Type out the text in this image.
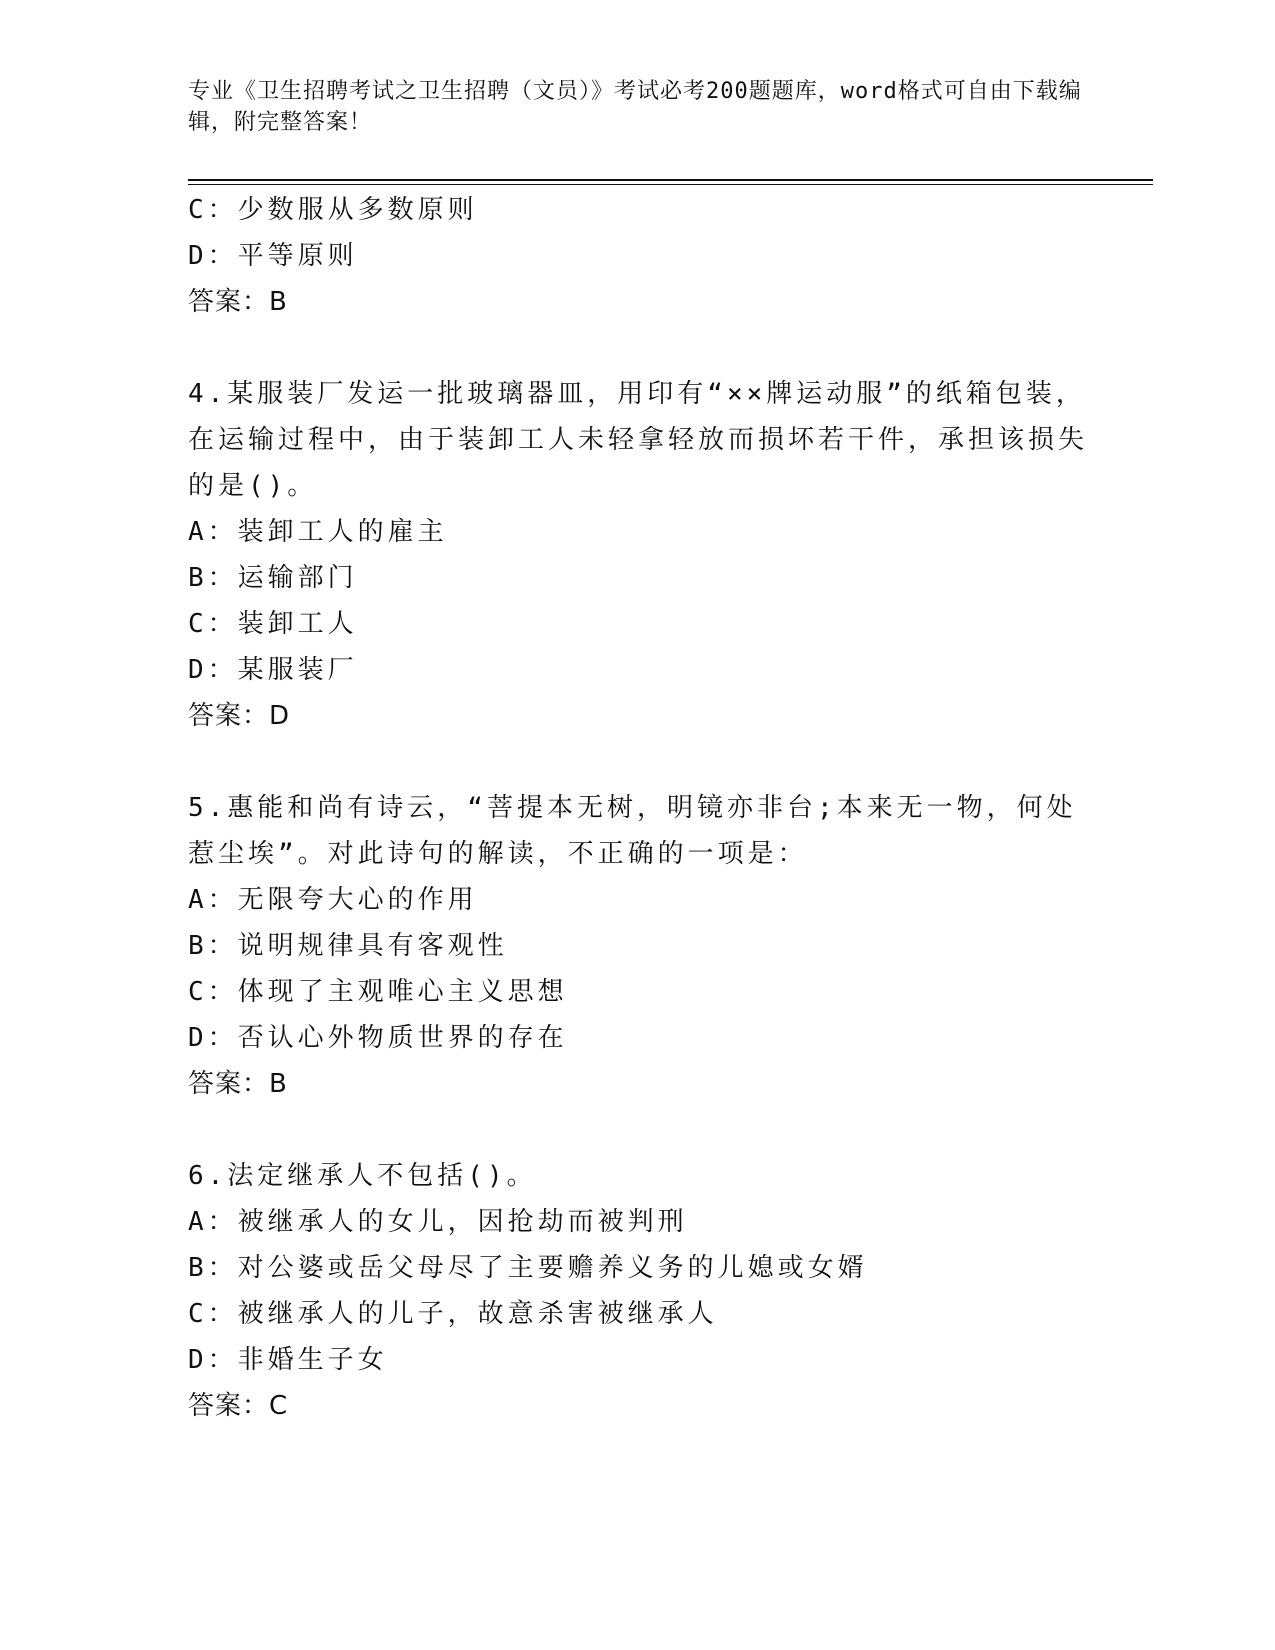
专业《卫生招聘考试之卫生招聘（文员）》考试必考200题题库，word格式可自由下载编辑，附完整答案！

C：少数服从多数原则

D：平等原则

答案：B

4.某服装厂发运一批玻璃器皿，用印有“××牌运动服”的纸箱包装，在运输过程中，由于装卸工人未轻拿轻放而损坏若干件，承担该损失的是()。

A：装卸工人的雇主

B：运输部门

C：装卸工人

D：某服装厂

答案：D

5.惠能和尚有诗云，“菩提本无树，明镜亦非台;本来无一物，何处惹尘埃”。对此诗句的解读，不正确的一项是：

A：无限夸大心的作用

B：说明规律具有客观性

C：体现了主观唯心主义思想

D：否认心外物质世界的存在

答案：B

6.法定继承人不包括()。

A：被继承人的女儿，因抢劫而被判刑

B：对公婆或岳父母尽了主要赡养义务的儿媳或女婿

C：被继承人的儿子，故意杀害被继承人

D：非婚生子女

答案：C
